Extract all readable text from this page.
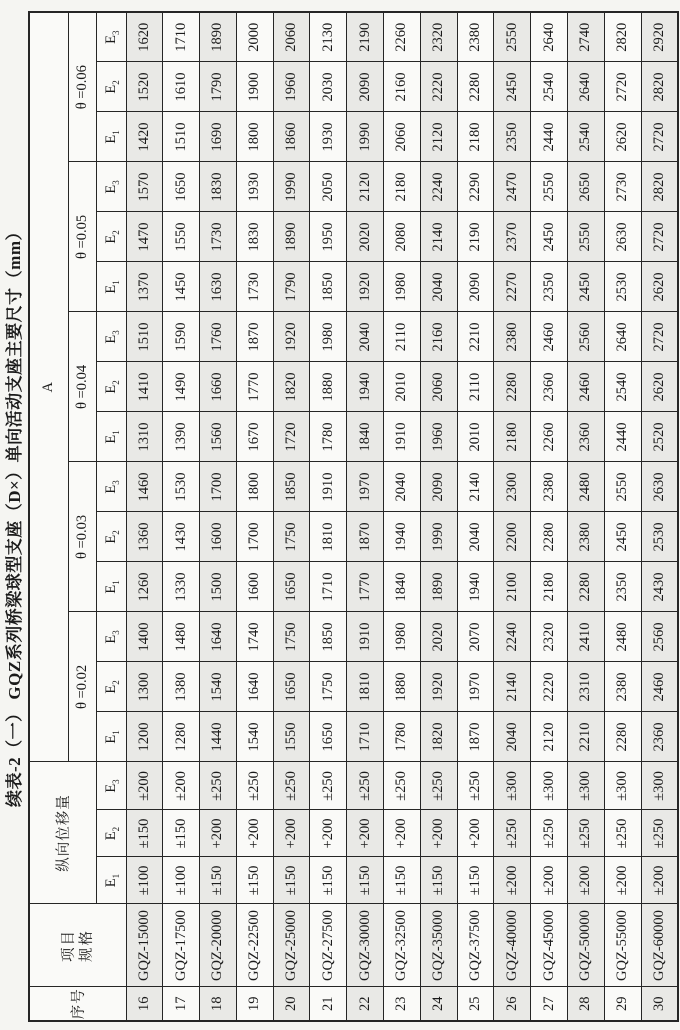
续表-2（一） GQZ系列桥梁球型支座（D×）单向活动支座主要尺寸（mm）
序号	项目 规格	纵向位移量			A														
					θ =0.02			θ =0.03			θ =0.04			θ =0.05			θ =0.06		
		$E_1$	$E_2$	$E_3$	$E_1$	$E_2$	$E_3$	$E_1$	$E_2$	$E_3$	$E_1$	$E_2$	$E_3$	$E_1$	$E_2$	$E_3$	$E_1$	$E_2$	$E_3$
16	GQZ-15000	±100	±150	±200	1200	1300	1400	1260	1360	1460	1310	1410	1510	1370	1470	1570	1420	1520	1620
17	GQZ-17500	±100	±150	±200	1280	1380	1480	1330	1430	1530	1390	1490	1590	1450	1550	1650	1510	1610	1710
18	GQZ-20000	±150	+200	±250	1440	1540	1640	1500	1600	1700	1560	1660	1760	1630	1730	1830	1690	1790	1890
19	GQZ-22500	±150	+200	±250	1540	1640	1740	1600	1700	1800	1670	1770	1870	1730	1830	1930	1800	1900	2000
20	GQZ-25000	±150	+200	±250	1550	1650	1750	1650	1750	1850	1720	1820	1920	1790	1890	1990	1860	1960	2060
21	GQZ-27500	±150	+200	±250	1650	1750	1850	1710	1810	1910	1780	1880	1980	1850	1950	2050	1930	2030	2130
22	GQZ-30000	±150	+200	±250	1710	1810	1910	1770	1870	1970	1840	1940	2040	1920	2020	2120	1990	2090	2190
23	GQZ-32500	±150	+200	±250	1780	1880	1980	1840	1940	2040	1910	2010	2110	1980	2080	2180	2060	2160	2260
24	GQZ-35000	±150	+200	±250	1820	1920	2020	1890	1990	2090	1960	2060	2160	2040	2140	2240	2120	2220	2320
25	GQZ-37500	±150	+200	±250	1870	1970	2070	1940	2040	2140	2010	2110	2210	2090	2190	2290	2180	2280	2380
26	GQZ-40000	±200	±250	±300	2040	2140	2240	2100	2200	2300	2180	2280	2380	2270	2370	2470	2350	2450	2550
27	GQZ-45000	±200	±250	±300	2120	2220	2320	2180	2280	2380	2260	2360	2460	2350	2450	2550	2440	2540	2640
28	GQZ-50000	±200	±250	±300	2210	2310	2410	2280	2380	2480	2360	2460	2560	2450	2550	2650	2540	2640	2740
29	GQZ-55000	±200	±250	±300	2280	2380	2480	2350	2450	2550	2440	2540	2640	2530	2630	2730	2620	2720	2820
30	GQZ-60000	±200	±250	±300	2360	2460	2560	2430	2530	2630	2520	2620	2720	2620	2720	2820	2720	2820	2920
